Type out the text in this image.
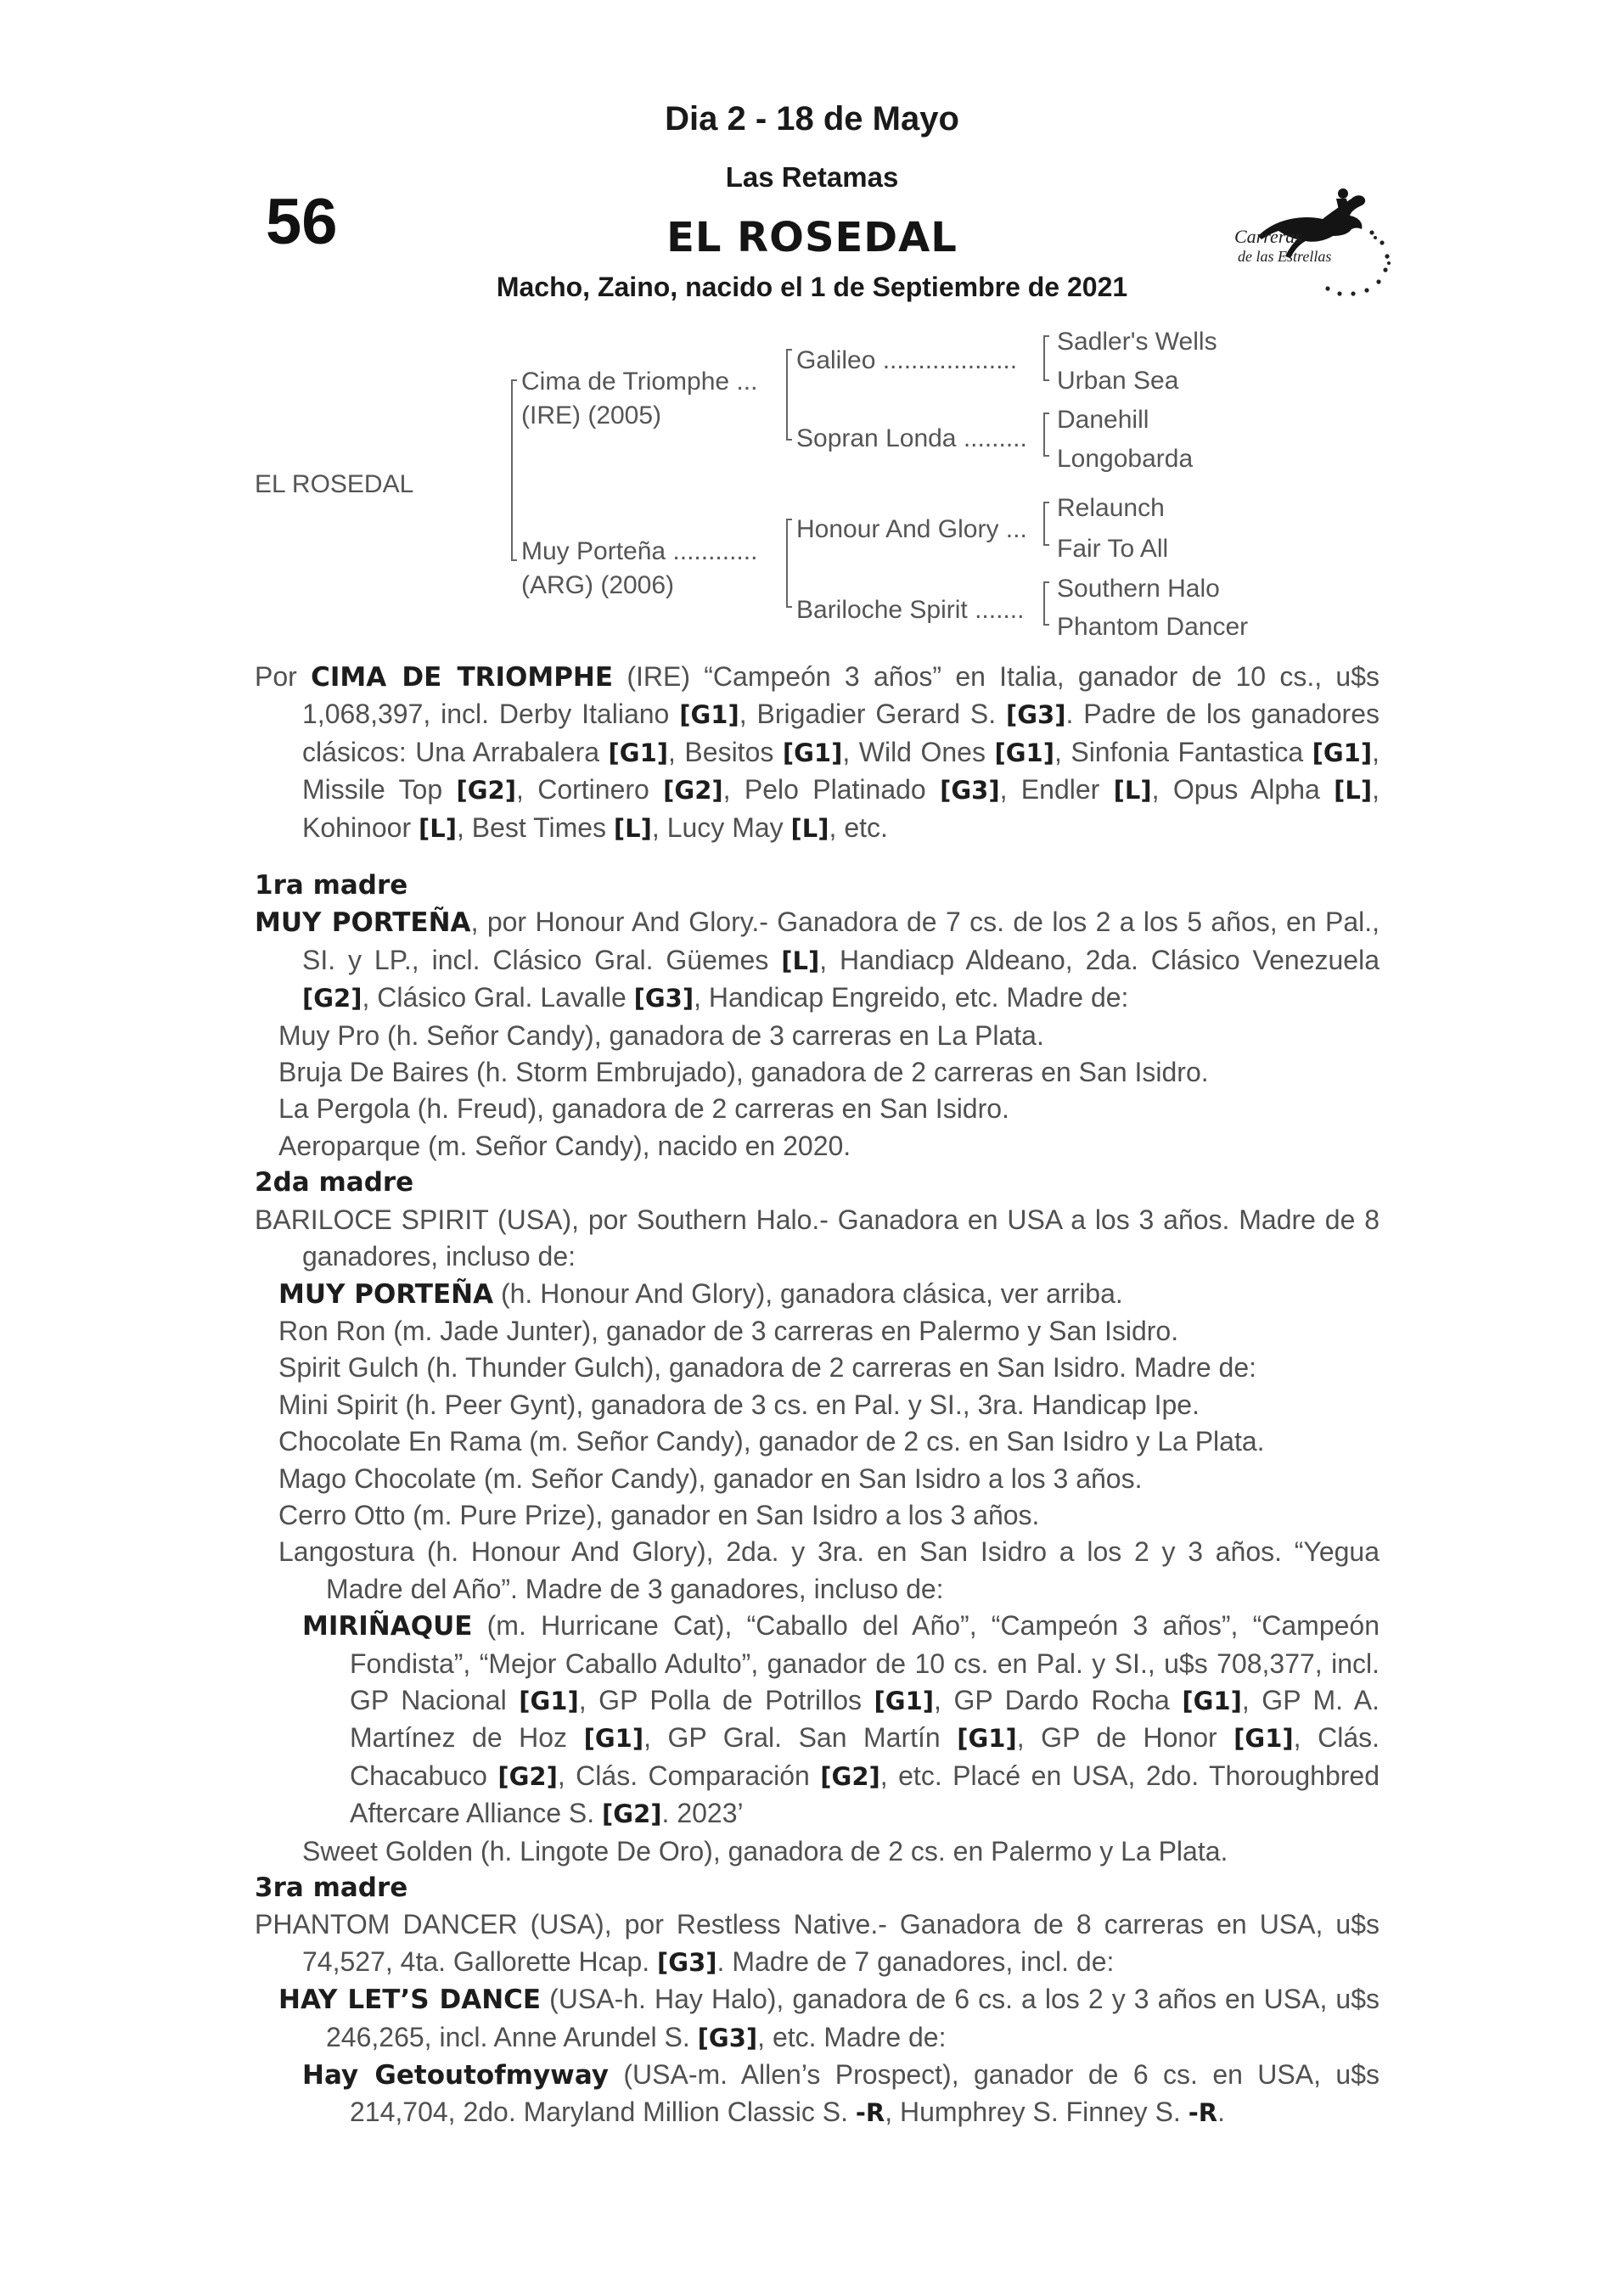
Dia 2 - 18 de Mayo
Las Retamas
56	EL ROSEDAL
Macho, Zaino, nacido el 1 de Septiembre de 2021
Carreras
de las Estrellas
EL ROSEDAL
Cima de Triomphe ...
(IRE) (2005)
Muy Porteña ............
(ARG) (2006)
Galileo ...................
Sopran Londa .........
Honour And Glory ...
Bariloche Spirit .......
Sadler's Wells
Urban Sea
Danehill
Longobarda
Relaunch
Fair To All
Southern Halo
Phantom Dancer
Por CIMA DE TRIOMPHE (IRE) “Campeón 3 años” en Italia, ganador de 10 cs., u$s 1,068,397, incl. Derby Italiano [G1], Brigadier Gerard S. [G3]. Padre de los ganadores clásicos: Una Arrabalera [G1], Besitos [G1], Wild Ones [G1], Sinfonia Fantastica [G1], Missile Top [G2], Cortinero [G2], Pelo Platinado [G3], Endler [L], Opus Alpha [L], Kohinoor [L], Best Times [L], Lucy May [L], etc.
1ra madre
MUY PORTEÑA, por Honour And Glory.- Ganadora de 7 cs. de los 2 a los 5 años, en Pal., SI. y LP., incl. Clásico Gral. Güemes [L], Handiacp Aldeano, 2da. Clásico Venezuela [G2], Clásico Gral. Lavalle [G3], Handicap Engreido, etc. Madre de:
Muy Pro (h. Señor Candy), ganadora de 3 carreras en La Plata.
Bruja De Baires (h. Storm Embrujado), ganadora de 2 carreras en San Isidro.
La Pergola (h. Freud), ganadora de 2 carreras en San Isidro.
Aeroparque (m. Señor Candy), nacido en 2020.
2da madre
BARILOCE SPIRIT (USA), por Southern Halo.- Ganadora en USA a los 3 años. Madre de 8 ganadores, incluso de:
MUY PORTEÑA (h. Honour And Glory), ganadora clásica, ver arriba.
Ron Ron (m. Jade Junter), ganador de 3 carreras en Palermo y San Isidro.
Spirit Gulch (h. Thunder Gulch), ganadora de 2 carreras en San Isidro. Madre de:
Mini Spirit (h. Peer Gynt), ganadora de 3 cs. en Pal. y SI., 3ra. Handicap Ipe.
Chocolate En Rama (m. Señor Candy), ganador de 2 cs. en San Isidro y La Plata.
Mago Chocolate (m. Señor Candy), ganador en San Isidro a los 3 años.
Cerro Otto (m. Pure Prize), ganador en San Isidro a los 3 años.
Langostura (h. Honour And Glory), 2da. y 3ra. en San Isidro a los 2 y 3 años. “Yegua Madre del Año”. Madre de 3 ganadores, incluso de:
MIRIÑAQUE (m. Hurricane Cat), “Caballo del Año”, “Campeón 3 años”, “Campeón Fondista”, “Mejor Caballo Adulto”, ganador de 10 cs. en Pal. y SI., u$s 708,377, incl. GP Nacional [G1], GP Polla de Potrillos [G1], GP Dardo Rocha [G1], GP M. A. Martínez de Hoz [G1], GP Gral. San Martín [G1], GP de Honor [G1], Clás. Chacabuco [G2], Clás. Comparación [G2], etc. Placé en USA, 2do. Thoroughbred Aftercare Alliance S. [G2]. 2023’
Sweet Golden (h. Lingote De Oro), ganadora de 2 cs. en Palermo y La Plata.
3ra madre
PHANTOM DANCER (USA), por Restless Native.- Ganadora de 8 carreras en USA, u$s 74,527, 4ta. Gallorette Hcap. [G3]. Madre de 7 ganadores, incl. de:
HAY LET’S DANCE (USA-h. Hay Halo), ganadora de 6 cs. a los 2 y 3 años en USA, u$s 246,265, incl. Anne Arundel S. [G3], etc. Madre de:
Hay Getoutofmyway (USA-m. Allen’s Prospect), ganador de 6 cs. en USA, u$s 214,704, 2do. Maryland Million Classic S. -R, Humphrey S. Finney S. -R.
